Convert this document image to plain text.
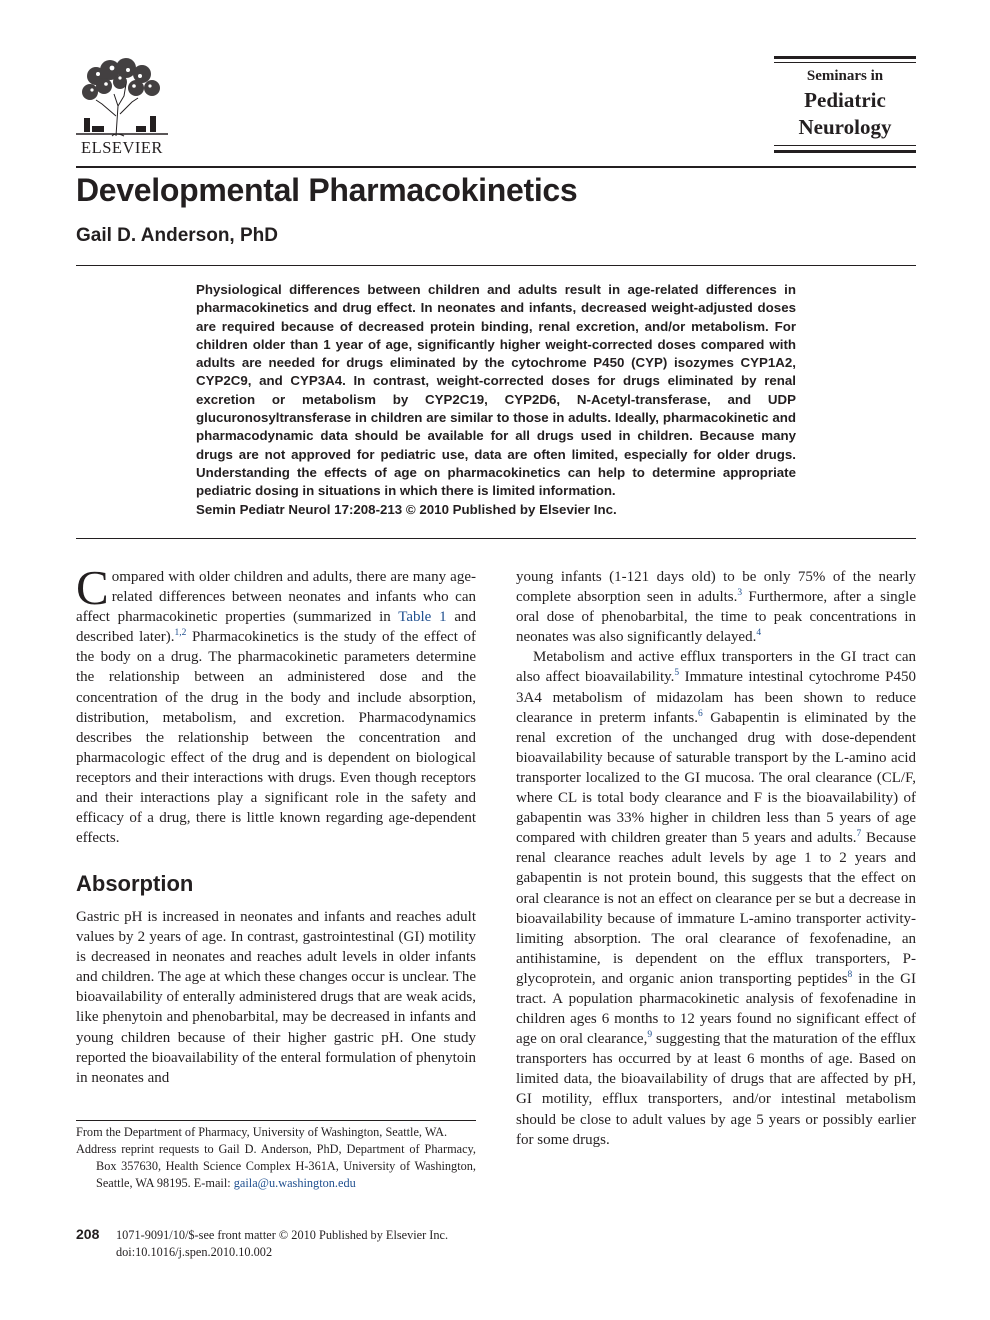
ELSEVIER
Seminars in
Pediatric
Neurology
Developmental Pharmacokinetics
Gail D. Anderson, PhD
Physiological differences between children and adults result in age-related differences in pharmacokinetics and drug effect. In neonates and infants, decreased weight-adjusted doses are required because of decreased protein binding, renal excretion, and/or metabolism. For children older than 1 year of age, significantly higher weight-corrected doses compared with adults are needed for drugs eliminated by the cytochrome P450 (CYP) isozymes CYP1A2, CYP2C9, and CYP3A4. In contrast, weight-corrected doses for drugs eliminated by renal excretion or metabolism by CYP2C19, CYP2D6, N-Acetyl-transferase, and UDP glucuronosyltransferase in children are similar to those in adults. Ideally, pharmacokinetic and pharmacodynamic data should be available for all drugs used in children. Because many drugs are not approved for pediatric use, data are often limited, especially for older drugs. Understanding the effects of age on pharmacokinetics can help to determine appropriate pediatric dosing in situations in which there is limited information.
Semin Pediatr Neurol 17:208-213 © 2010 Published by Elsevier Inc.
Compared with older children and adults, there are many age-related differences between neonates and infants who can affect pharmacokinetic properties (summarized in Table 1 and described later).$^{1,2}$ Pharmacokinetics is the study of the effect of the body on a drug. The pharmacokinetic parameters determine the relationship between an administered dose and the concentration of the drug in the body and include absorption, distribution, metabolism, and excretion. Pharmacodynamics describes the relationship between the concentration and pharmacologic effect of the drug and is dependent on biological receptors and their interactions with drugs. Even though receptors and their interactions play a significant role in the safety and efficacy of a drug, there is little known regarding age-dependent effects.
Absorption
Gastric pH is increased in neonates and infants and reaches adult values by 2 years of age. In contrast, gastrointestinal (GI) motility is decreased in neonates and reaches adult levels in older infants and children. The age at which these changes occur is unclear. The bioavailability of enterally administered drugs that are weak acids, like phenytoin and phenobarbital, may be decreased in infants and young children because of their higher gastric pH. One study reported the bioavailability of the enteral formulation of phenytoin in neonates and

young infants (1-121 days old) to be only 75% of the nearly complete absorption seen in adults.$^3$ Furthermore, after a single oral dose of phenobarbital, the time to peak concentrations in neonates was also significantly delayed.$^4$

Metabolism and active efflux transporters in the GI tract can also affect bioavailability.$^5$ Immature intestinal cytochrome P450 3A4 metabolism of midazolam has been shown to reduce clearance in preterm infants.$^6$ Gabapentin is eliminated by the renal excretion of the unchanged drug with dose-dependent bioavailability because of saturable transport by the L-amino acid transporter localized to the GI mucosa. The oral clearance (CL/F, where CL is total body clearance and F is the bioavailability) of gabapentin was 33% higher in children less than 5 years of age compared with children greater than 5 years and adults.$^7$ Because renal clearance reaches adult levels by age 1 to 2 years and gabapentin is not protein bound, this suggests that the effect on oral clearance is not an effect on clearance per se but a decrease in bioavailability because of immature L-amino transporter activity-limiting absorption. The oral clearance of fexofenadine, an antihistamine, is dependent on the efflux transporters, P-glycoprotein, and organic anion transporting peptides$^8$ in the GI tract. A population pharmacokinetic analysis of fexofenadine in children ages 6 months to 12 years found no significant effect of age on oral clearance,$^9$ suggesting that the maturation of the efflux transporters has occurred by at least 6 months of age. Based on limited data, the bioavailability of drugs that are affected by pH, GI motility, efflux transporters, and/or intestinal metabolism should be close to adult values by age 5 years or possibly earlier for some drugs.

From the Department of Pharmacy, University of Washington, Seattle, WA.
Address reprint requests to Gail D. Anderson, PhD, Department of Pharmacy, Box 357630, Health Science Complex H-361A, University of Washington, Seattle, WA 98195. E-mail: gaila@u.washington.edu
208 1071-9091/10/$-see front matter © 2010 Published by Elsevier Inc.
doi:10.1016/j.spen.2010.10.002
